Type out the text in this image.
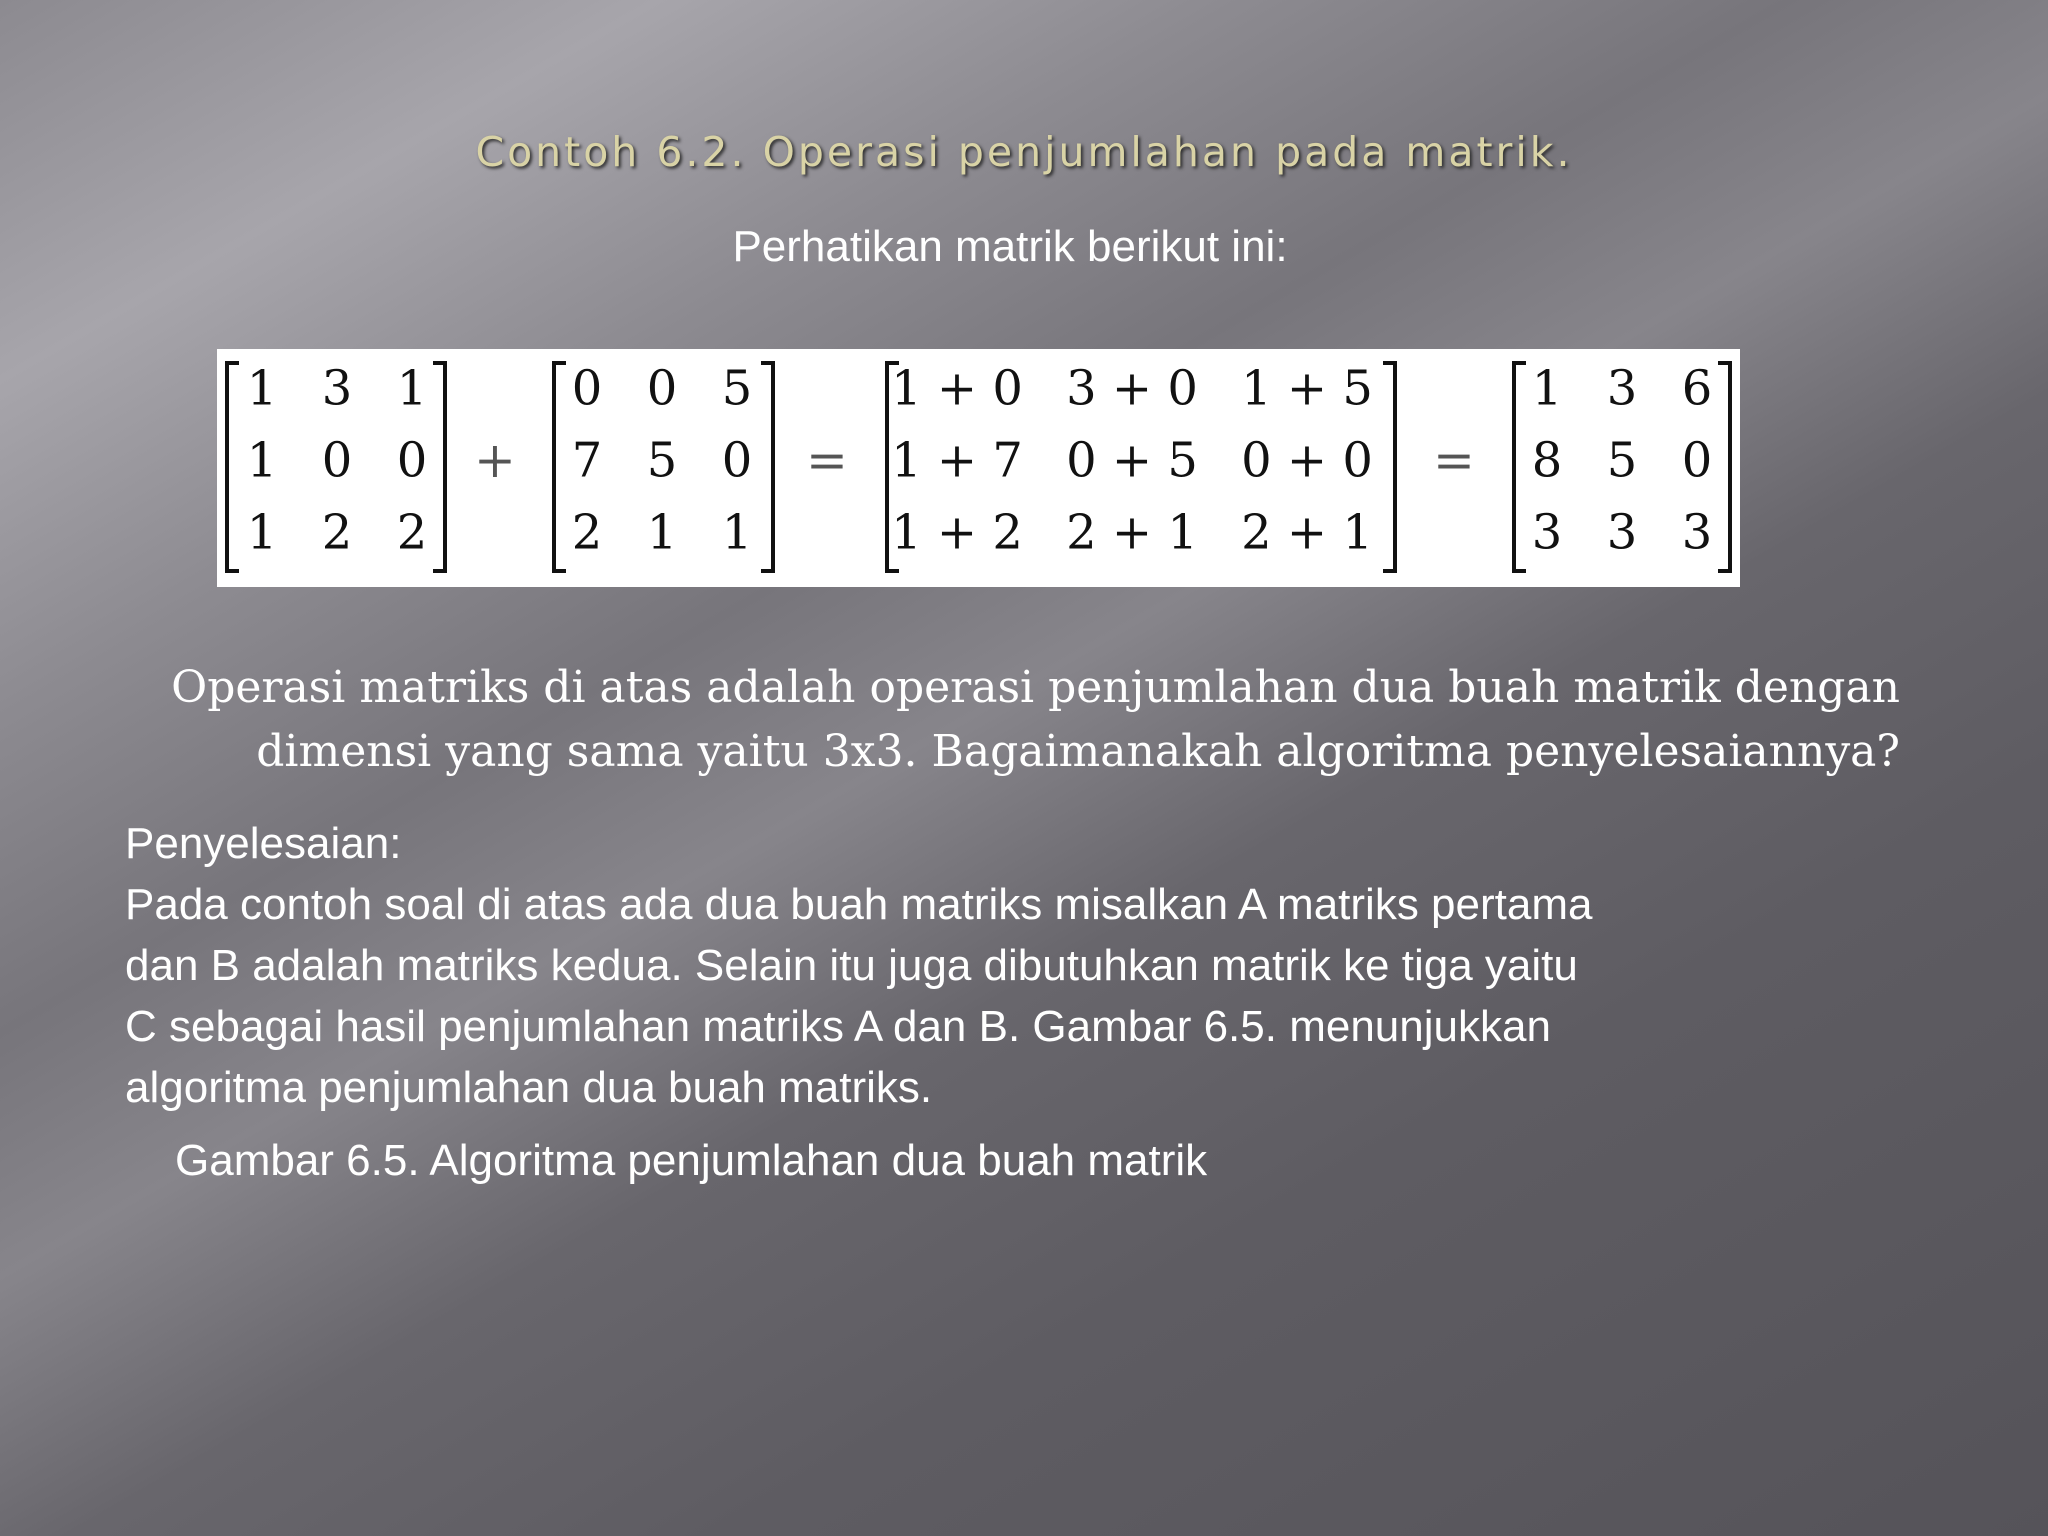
Contoh 6.2. Operasi penjumlahan pada matrik.
Perhatikan matrik berikut ini:
1 3 1
1 0 0
1 2 2
+
0 0 5
7 5 0
2 1 1
=
1 + 0 3 + 0 1 + 5
1 + 7 0 + 5 0 + 0
1 + 2 2 + 1 2 + 1
=
1 3 6
8 5 0
3 3 3
Operasi matriks di atas adalah operasi penjumlahan dua buah matrik dengan
dimensi yang sama yaitu 3x3. Bagaimanakah algoritma penyelesaiannya?
Penyelesaian:
Pada contoh soal di atas ada dua buah matriks misalkan A matriks pertama
dan B adalah matriks kedua. Selain itu juga dibutuhkan matrik ke tiga yaitu
C sebagai hasil penjumlahan matriks A dan B. Gambar 6.5. menunjukkan
algoritma penjumlahan dua buah matriks.
Gambar 6.5. Algoritma penjumlahan dua buah matrik
